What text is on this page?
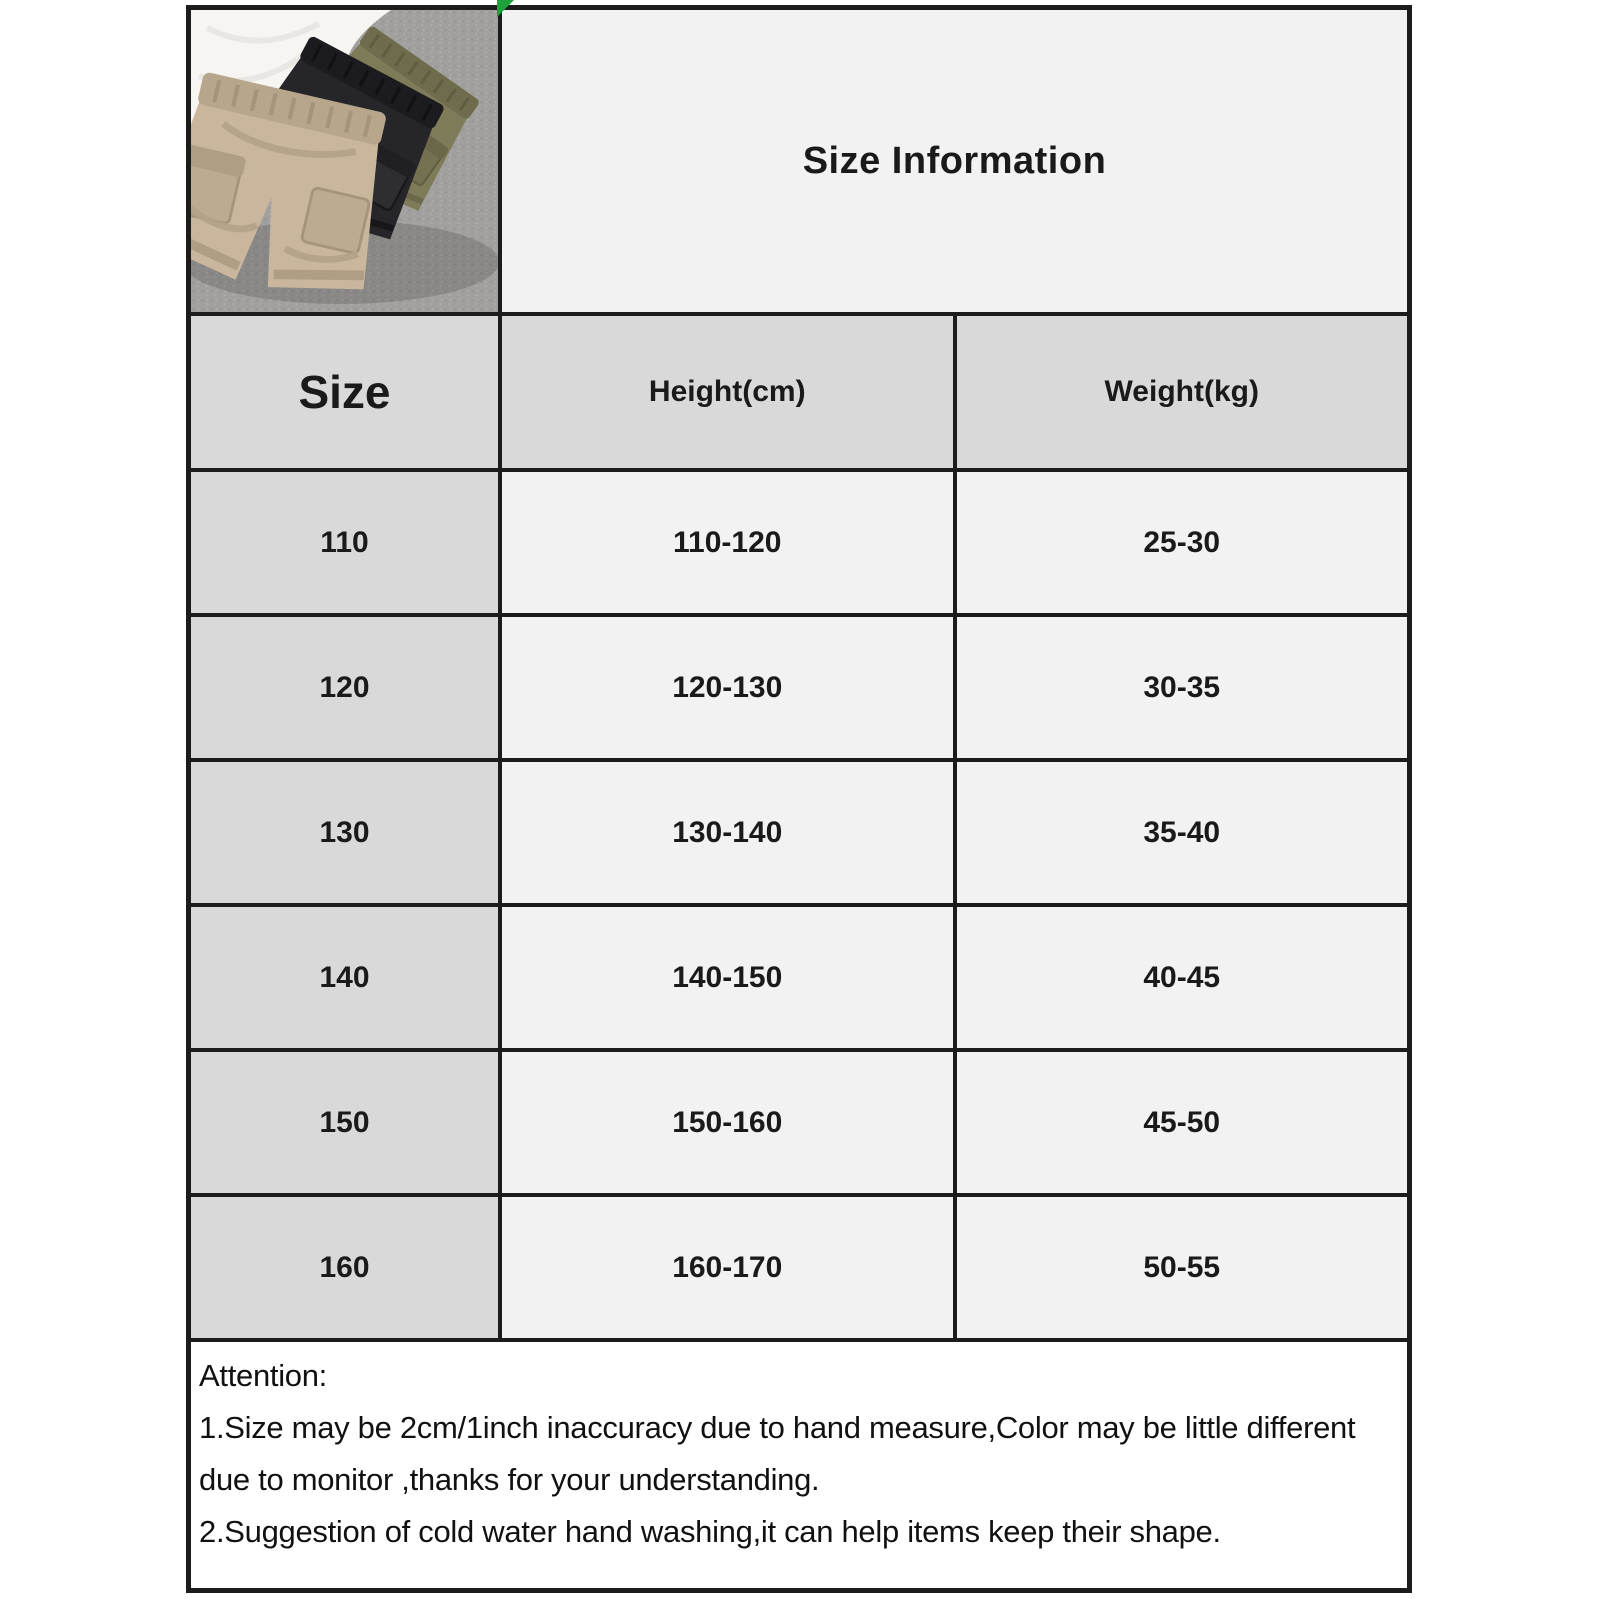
Size Information
Size	Height(cm)	Weight(kg)
110	110-120	25-30
120	120-130	30-35
130	130-140	35-40
140	140-150	40-45
150	150-160	45-50
160	160-170	50-55

Attention:

1.Size may be 2cm/1inch inaccuracy due to hand measure,Color may be little different due to monitor ,thanks for your understanding.

2.Suggestion of cold water hand washing,it can help items keep their shape.
